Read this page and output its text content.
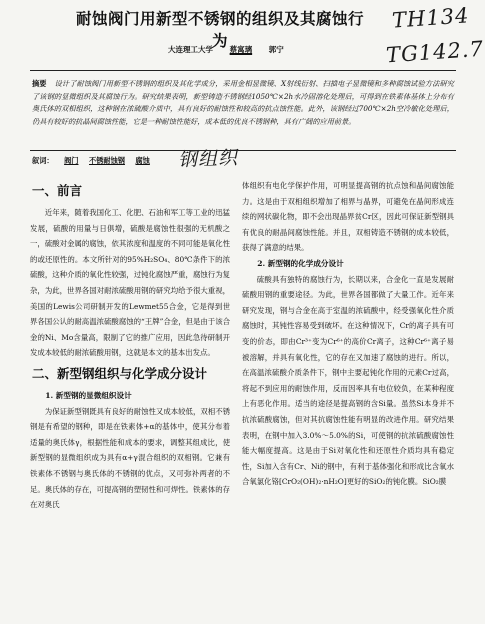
耐蚀阀门用新型不锈钢的组织及其腐蚀行为
大连理工大学 蔡寓璃 郭宁
TH134
TG142.7
钢组织
摘要 设计了耐蚀阀门用新型不锈钢的组织及其化学成分，采用金相显微镜、X射线衍射、扫描电子显微镜和多种腐蚀试验方法研究了该钢的显微组织及其腐蚀行为。研究结果表明，新型铸造不锈钢经1050℃×2h水冷固溶化处理后，可得到在铁素体基体上分布有奥氏体的双相组织，这种钢在浓硫酸介质中，具有良好的耐蚀性和较高的抗点蚀性能。此外，该钢经过700℃×2h空冷敏化处理后，仍具有较好的抗晶间腐蚀性能，它是一种耐蚀性能好，成本低的优良不锈钢种，具有广阔的应用前景。
叙词： 阀门 不锈耐蚀钢 腐蚀
一、前言

近年来，随着我国化工、化肥、石油和军工等工业的迅猛发展，硫酸的用量与日俱增，硫酸是腐蚀性很强的无机酸之一，硫酸对金属的腐蚀，依其浓度和温度的不同可能是氧化性的或还原性的。本文所针对的95%H₂SO₄、80℃条件下的浓硫酸，这种介质的氧化性较强，过钝化腐蚀严重，腐蚀行为复杂，为此，世界各国对耐浓硫酸用钢的研究均给予很大重视，美国的Lewis公司研制开发的Lewmet55合金，它是得到世界各国公认的耐高温浓硫酸腐蚀的“王牌”合金，但是由于该合金的Ni、Mo含量高，限制了它的推广应用，因此急待研制开发成本较低的耐浓硫酸用钢，这就是本文的基本出发点。

二、新型钢组织与化学成分设计

1. 新型钢的显微组织设计

为保证新型钢既具有良好的耐蚀性又成本较低，双相不锈钢是有希望的钢种，即是在铁素体+α的基体中，使其分布着适量的奥氏体γ，根据性能和成本的要求，调整其组成比，使新型钢的显微组织成为具有α+γ混合组织的双相钢。它兼有铁素体不锈钢与奥氏体的不锈钢的优点，又可弥补两者的不足。奥氏体的存在，可提高钢的塑韧性和可焊性。铁素体的存在对奥氏

体组织有电化学保护作用，可明显提高钢的抗点蚀和晶间腐蚀能力。这是由于双相组织增加了相界与晶界，可避免在晶间形成连续的网状碳化物，即不会出现晶界贫Cr区，因此可保证新型钢具有优良的耐晶间腐蚀性能。并且，双相铸造不锈钢的成本较低，获得了满意的结果。

2. 新型钢的化学成分设计

硫酸具有独特的腐蚀行为，长期以来，合金化一直是发展耐硫酸用钢的重要途径。为此，世界各国都做了大量工作。近年来研究发现，钢与合金在高于室温的浓硫酸中，经受强氧化性介质腐蚀时，其钝性容易受到破坏。在这种情况下，Cr的离子具有可变的价态，即由Cr³⁺变为Cr⁶⁺的高价Cr离子，这种Cr⁶⁺离子易被溶解，并具有氧化性，它的存在又加速了腐蚀的进行。所以，在高温浓硫酸介质条件下，钢中主要起钝化作用的元素Cr过高，将起不到应用的耐蚀作用，反而因率具有电位较负，在某种程度上有恶化作用。适当的途径是提高钢的含Si量。虽然Si本身并不抗浓硫酸腐蚀，但对其抗腐蚀性能有明显的改进作用。研究结果表明，在钢中加入3.0%～5.0%的Si，可使钢的抗浓硫酸腐蚀性能大幅度提高。这是由于Si对氧化性和还原性介质均具有稳定性，Si加入含有Cr、Ni的钢中，有利于基体强化和形成比含氧水合氧氯化铬[CrO₂(OH)₂·nH₂O]更好的SiO₂的钝化膜。SiO₂膜
